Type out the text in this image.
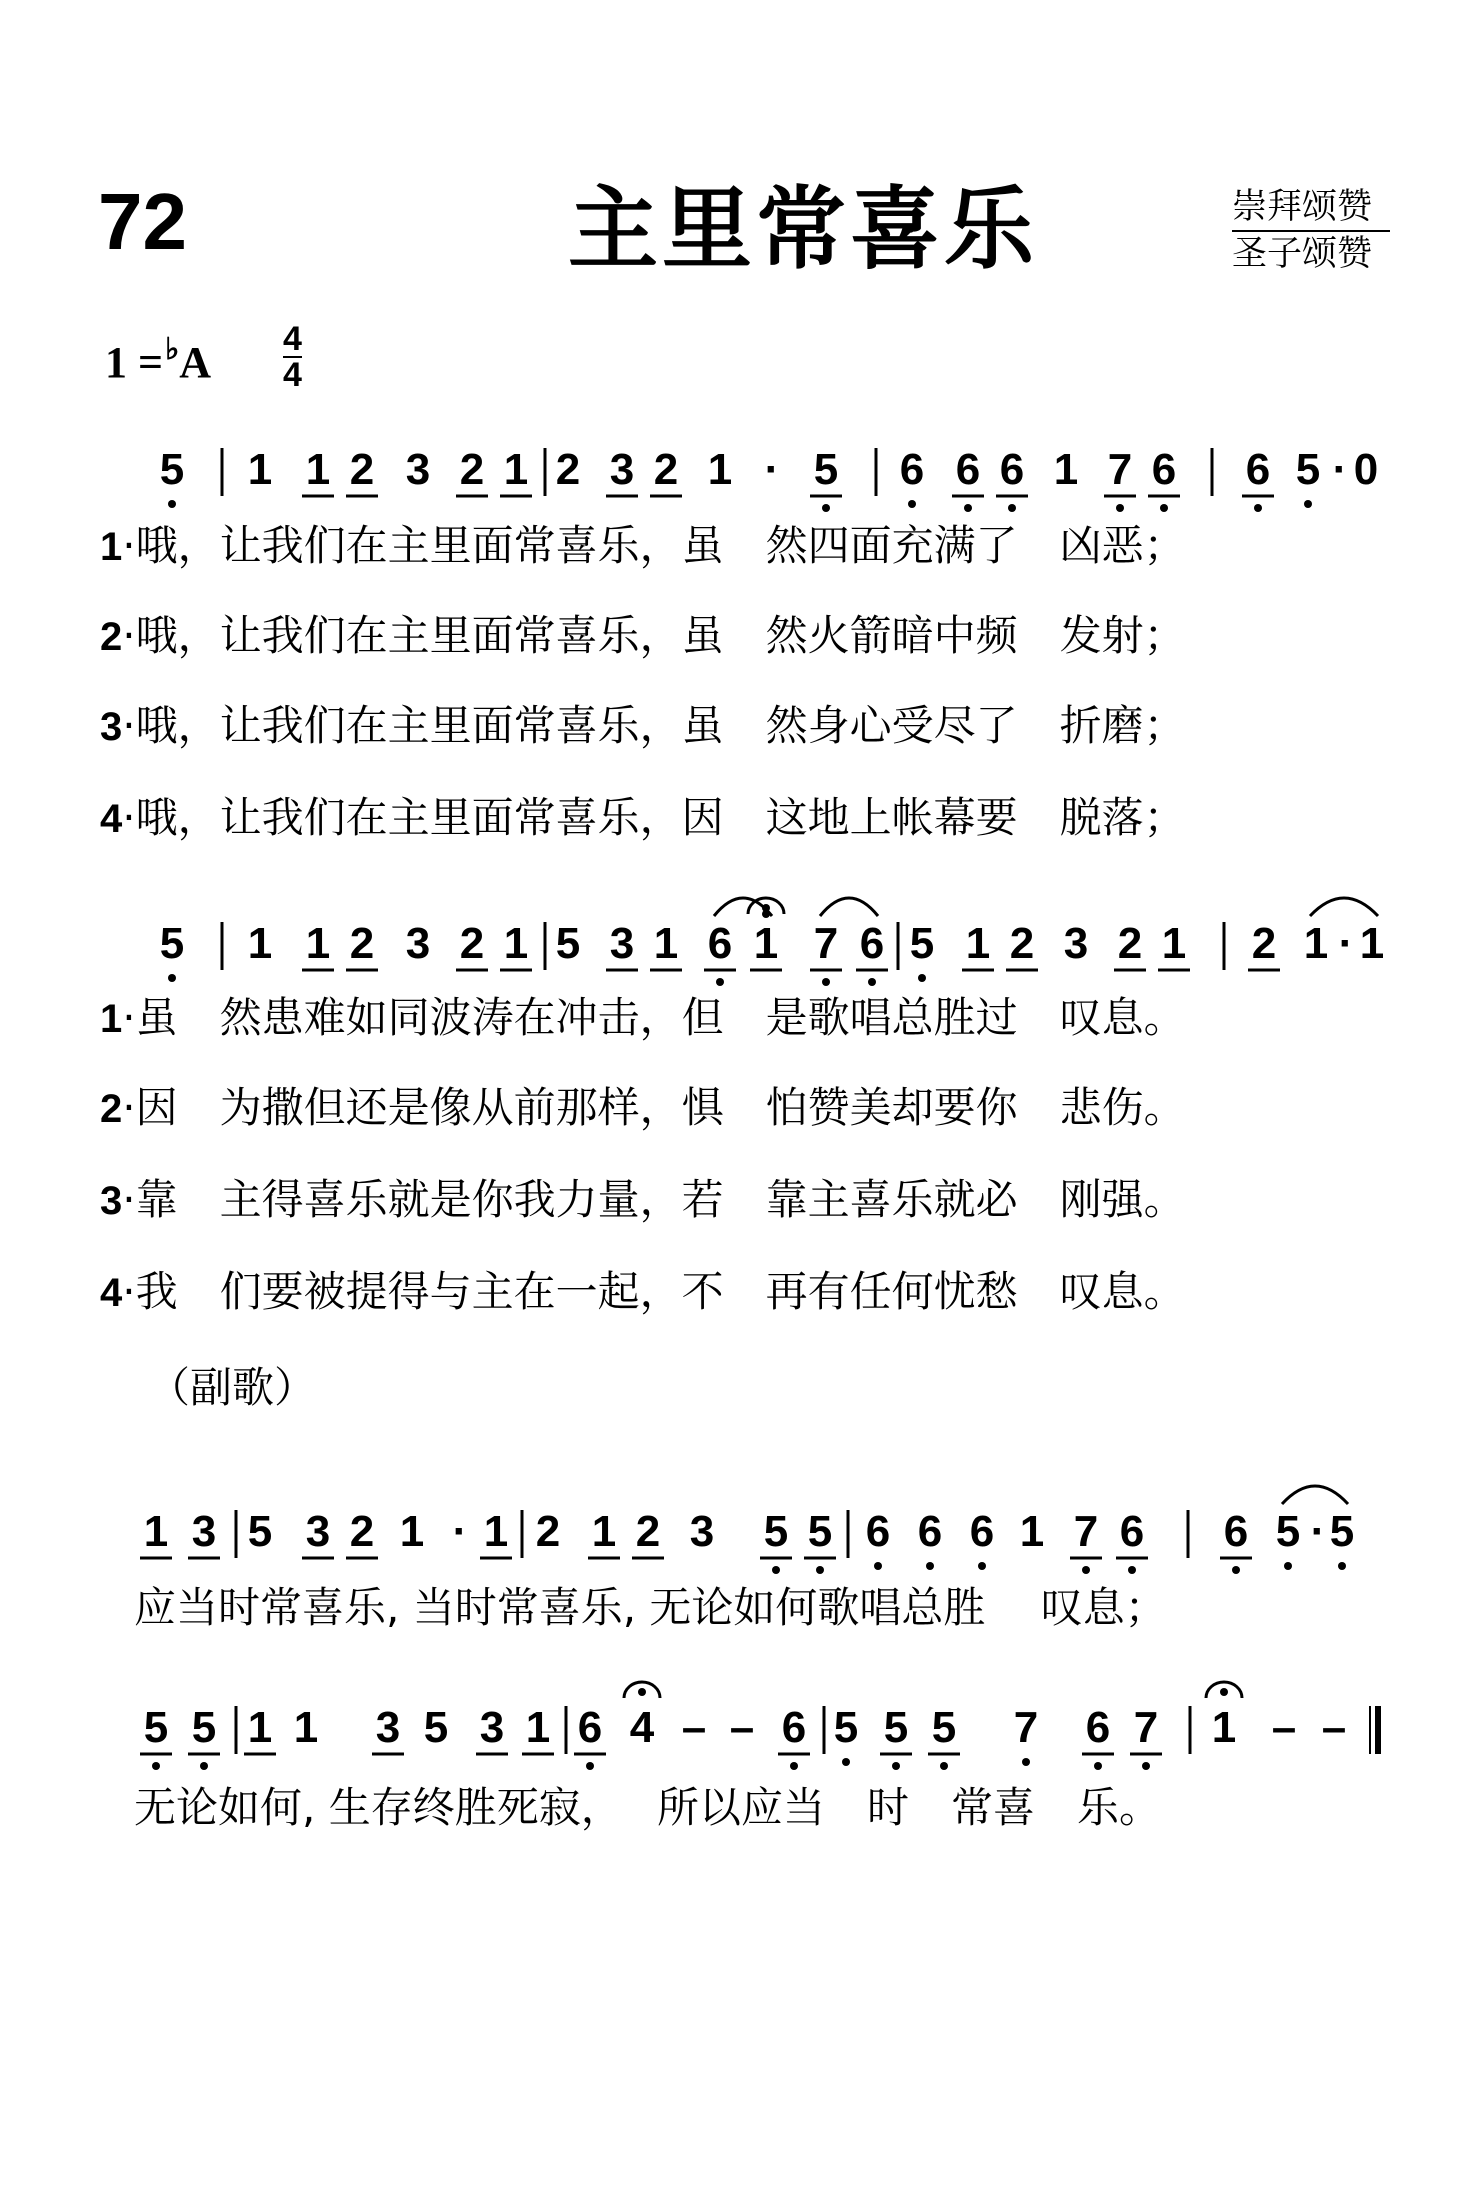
72	主里常喜乐	崇拜颂赞
圣子颂赞
1 =♭A 4
4
5 1 1 2 3 2 1 2 3 2 1 · 5 6 6 6 1 7 6 6 5 · 0
5 1 1 2 3 2 1 5 3 1 6 1 7 6 5 1 2 3 2 1 2 1 · 1
1 3 5 3 2 1 · 1 2 1 2 3 5 5 6 6 6 1 7 6 6 5 · 5
5 5 1 1 3 5 3 1 6 4 – – 6 5 5 5 7 6 7 1 – –
1·哦，让我们在主里面常喜乐，虽　然四面充满了　凶恶；
2·哦，让我们在主里面常喜乐，虽　然火箭暗中频　发射；
3·哦，让我们在主里面常喜乐，虽　然身心受尽了　折磨；
4·哦，让我们在主里面常喜乐，因　这地上帐幕要　脱落；
1·虽　然患难如同波涛在冲击，但　是歌唱总胜过　叹息。
2·因　为撒但还是像从前那样，惧　怕赞美却要你　悲伤。
3·靠　主得喜乐就是你我力量，若　靠主喜乐就必　刚强。
4·我　们要被提得与主在一起，不　再有任何忧愁　叹息。
（副歌）
应当时常喜乐, 当时常喜乐, 无论如何歌唱总胜　 叹息；
无论如何, 生存终胜死寂，　 所以应当　时　常喜　乐。
